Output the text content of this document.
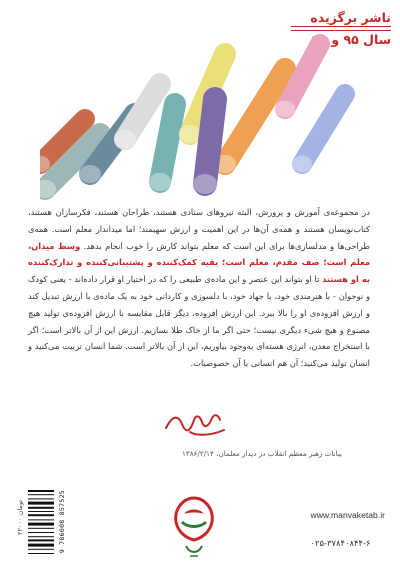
ناشر برگزیده
سال ۹۵ و
در مجموعه‌ی آموزش و پرورش، البته نیروهای ستادی هستند، طراحان هستند، فکرسازان هستند، کتاب‌نویسان هستند و همه‌ی آن‌ها در این اهمیت و ارزش سهیمند؛ اما میداندار معلم است. همه‌ی طراحی‌ها و مدلسازی‌ها برای این است که معلم بتواند کارش را خوب انجام بدهد. وسط میدان، معلم است؛ صف مقدم، معلم است؛ بقیه کمک‌کننده و پشتیبانی‌کننده و تدارک‌کننده به او هستند تا او بتواند این عنصر و این ماده‌ی طبیعی را که در اختیار او قرار داده‌اند - یعنی کودک و نوجوان - با هنرمندی خود، با جهاد خود، با دلسوزی و کاردانی خود به یک ماده‌ی با ارزش تبدیل کند و ارزش افزوده‌ی او را بالا ببرد. این ارزش افزوده، دیگر قابل مقایسه با ارزش افزوده‌ی تولید هیچ مصنوع و هیچ شیء دیگری نیست؛ حتی اگر ما از خاک طلا بسازیم. ارزش این از آن بالاتر است؛ اگر با استخراج معدن، انرژی هسته‌ای به‌وجود بیاوریم، این از آن بالاتر است. شما انسان تربیت می‌کنید و انسان تولید می‌کنید؛ آن هم انسانی با آن خصوصیات.
بیانات رهبر معظم انقلاب در دیدار معلمان، ۱۳۸۶/۲/۱۴
۲۲۰۰۰ تومان	9 786008 857525	www.manvaketab.ir
۰۲۵-۳۷۸۴۰۸۴۴-۶
